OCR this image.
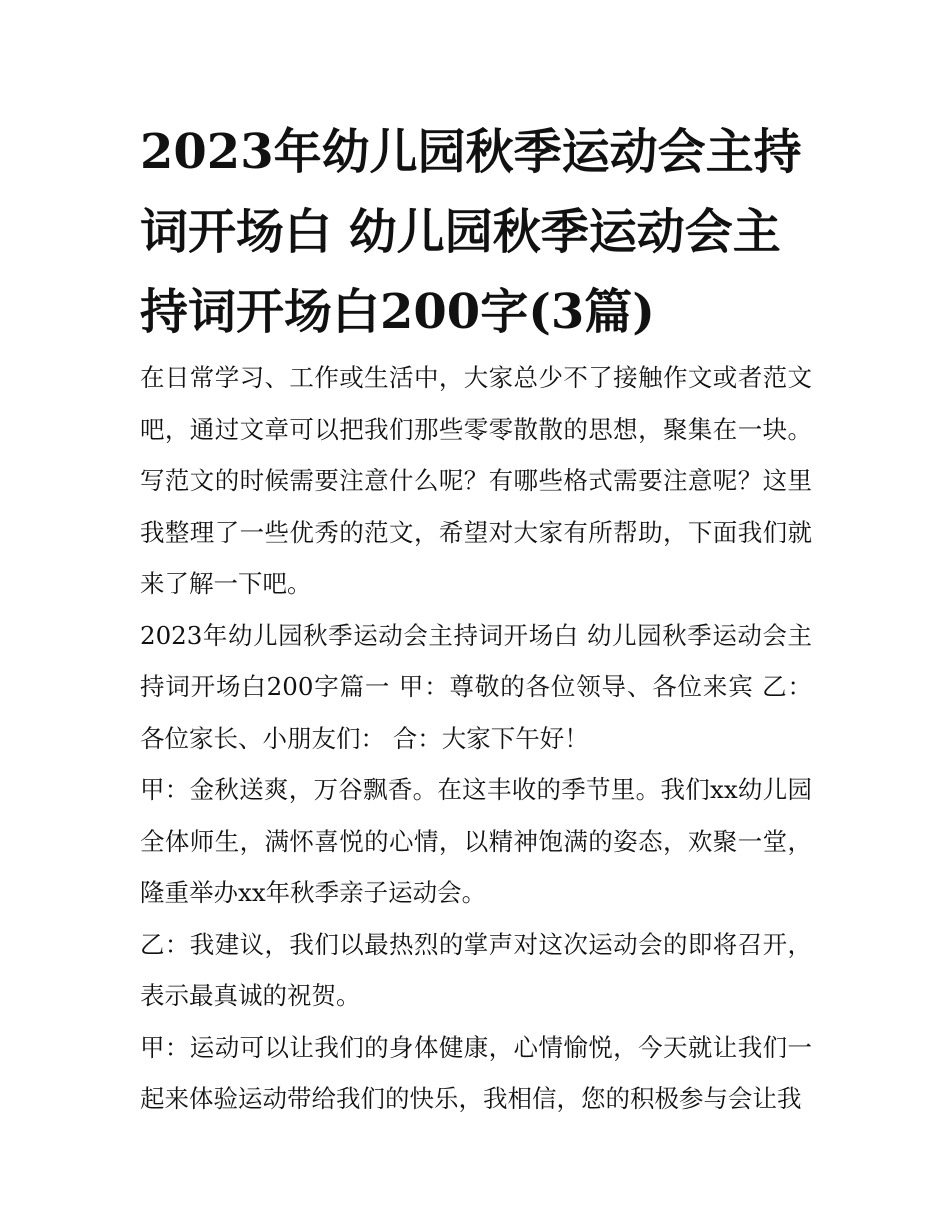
2023年幼儿园秋季运动会主持词开场白 幼儿园秋季运动会主持词开场白200字(3篇)

在日常学习、工作或生活中，大家总少不了接触作文或者范文吧，通过文章可以把我们那些零零散散的思想，聚集在一块。写范文的时候需要注意什么呢？有哪些格式需要注意呢？这里我整理了一些优秀的范文，希望对大家有所帮助，下面我们就来了解一下吧。

2023年幼儿园秋季运动会主持词开场白 幼儿园秋季运动会主持词开场白200字篇一 甲：尊敬的各位领导、各位来宾 乙：各位家长、小朋友们： 合：大家下午好！

甲：金秋送爽，万谷飘香。在这丰收的季节里。我们xx幼儿园全体师生，满怀喜悦的心情，以精神饱满的姿态，欢聚一堂，隆重举办xx年秋季亲子运动会。

乙：我建议，我们以最热烈的掌声对这次运动会的即将召开，表示最真诚的祝贺。

甲：运动可以让我们的身体健康，心情愉悦，今天就让我们一起来体验运动带给我们的快乐，我相信，您的积极参与会让我
